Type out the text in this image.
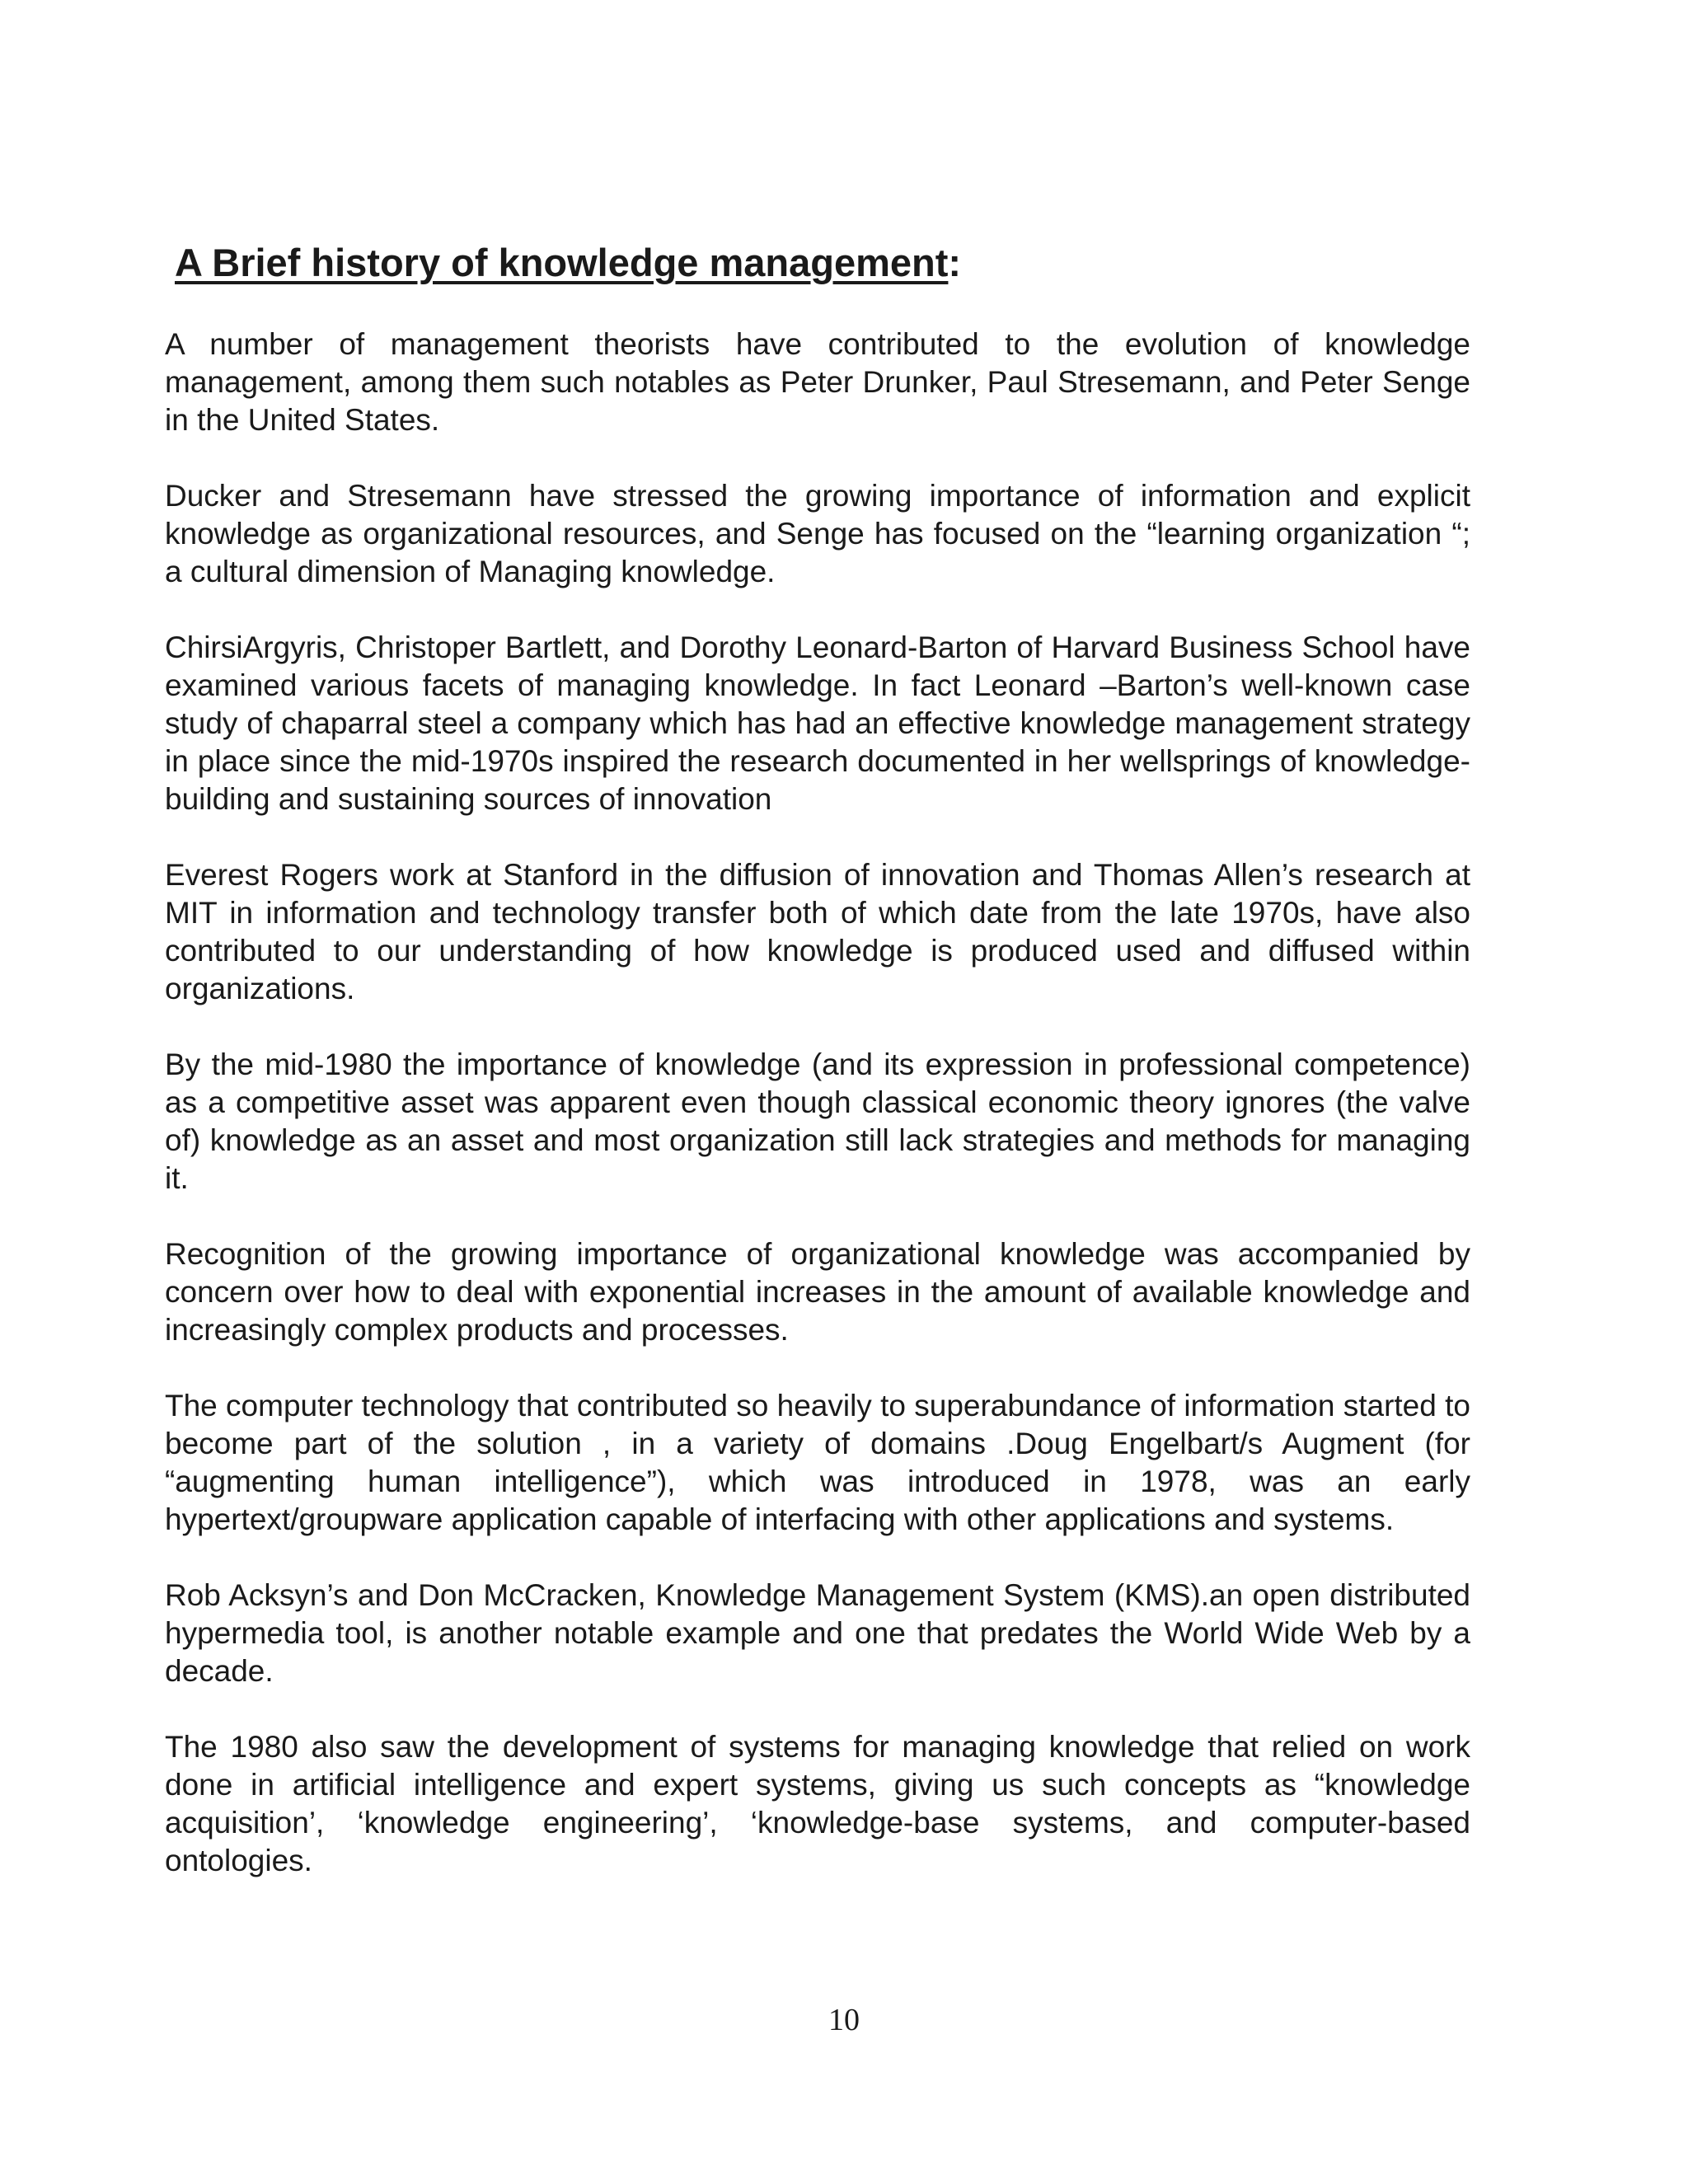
A Brief history of knowledge management:

A number of management theorists have contributed to the evolution of knowledge management, among them such notables as Peter Drunker, Paul Stresemann, and Peter Senge in the United States.

Ducker and Stresemann have stressed the growing importance of information and explicit knowledge as organizational resources, and Senge has focused on the “learning organization “; a cultural dimension of Managing knowledge.

ChirsiArgyris, Christoper Bartlett, and Dorothy Leonard-Barton of Harvard Business School have examined various facets of managing knowledge. In fact Leonard –Barton’s well-known case study of chaparral steel a company which has had an effective knowledge management strategy in place since the mid-1970s inspired the research documented in her wellsprings of knowledge-building and sustaining sources of innovation

Everest Rogers work at Stanford in the diffusion of innovation and Thomas Allen’s research at MIT in information and technology transfer both of which date from the late 1970s, have also contributed to our understanding of how knowledge is produced used and diffused within organizations.

By the mid-1980 the importance of knowledge (and its expression in professional competence) as a competitive asset was apparent even though classical economic theory ignores (the valve of) knowledge as an asset and most organization still lack strategies and methods for managing it.

Recognition of the growing importance of organizational knowledge was accompanied by concern over how to deal with exponential increases in the amount of available knowledge and increasingly complex products and processes.

The computer technology that contributed so heavily to superabundance of information started to become part of the solution , in a variety of domains .Doug Engelbart/s Augment (for “augmenting human intelligence”), which was introduced in 1978, was an early hypertext/groupware application capable of interfacing with other applications and systems.

Rob Acksyn’s and Don McCracken, Knowledge Management System (KMS).an open distributed hypermedia tool, is another notable example and one that predates the World Wide Web by a decade.

The 1980 also saw the development of systems for managing knowledge that relied on work done in artificial intelligence and expert systems, giving us such concepts as “knowledge acquisition’, ‘knowledge engineering’, ‘knowledge-base systems, and computer-based ontologies.

10
